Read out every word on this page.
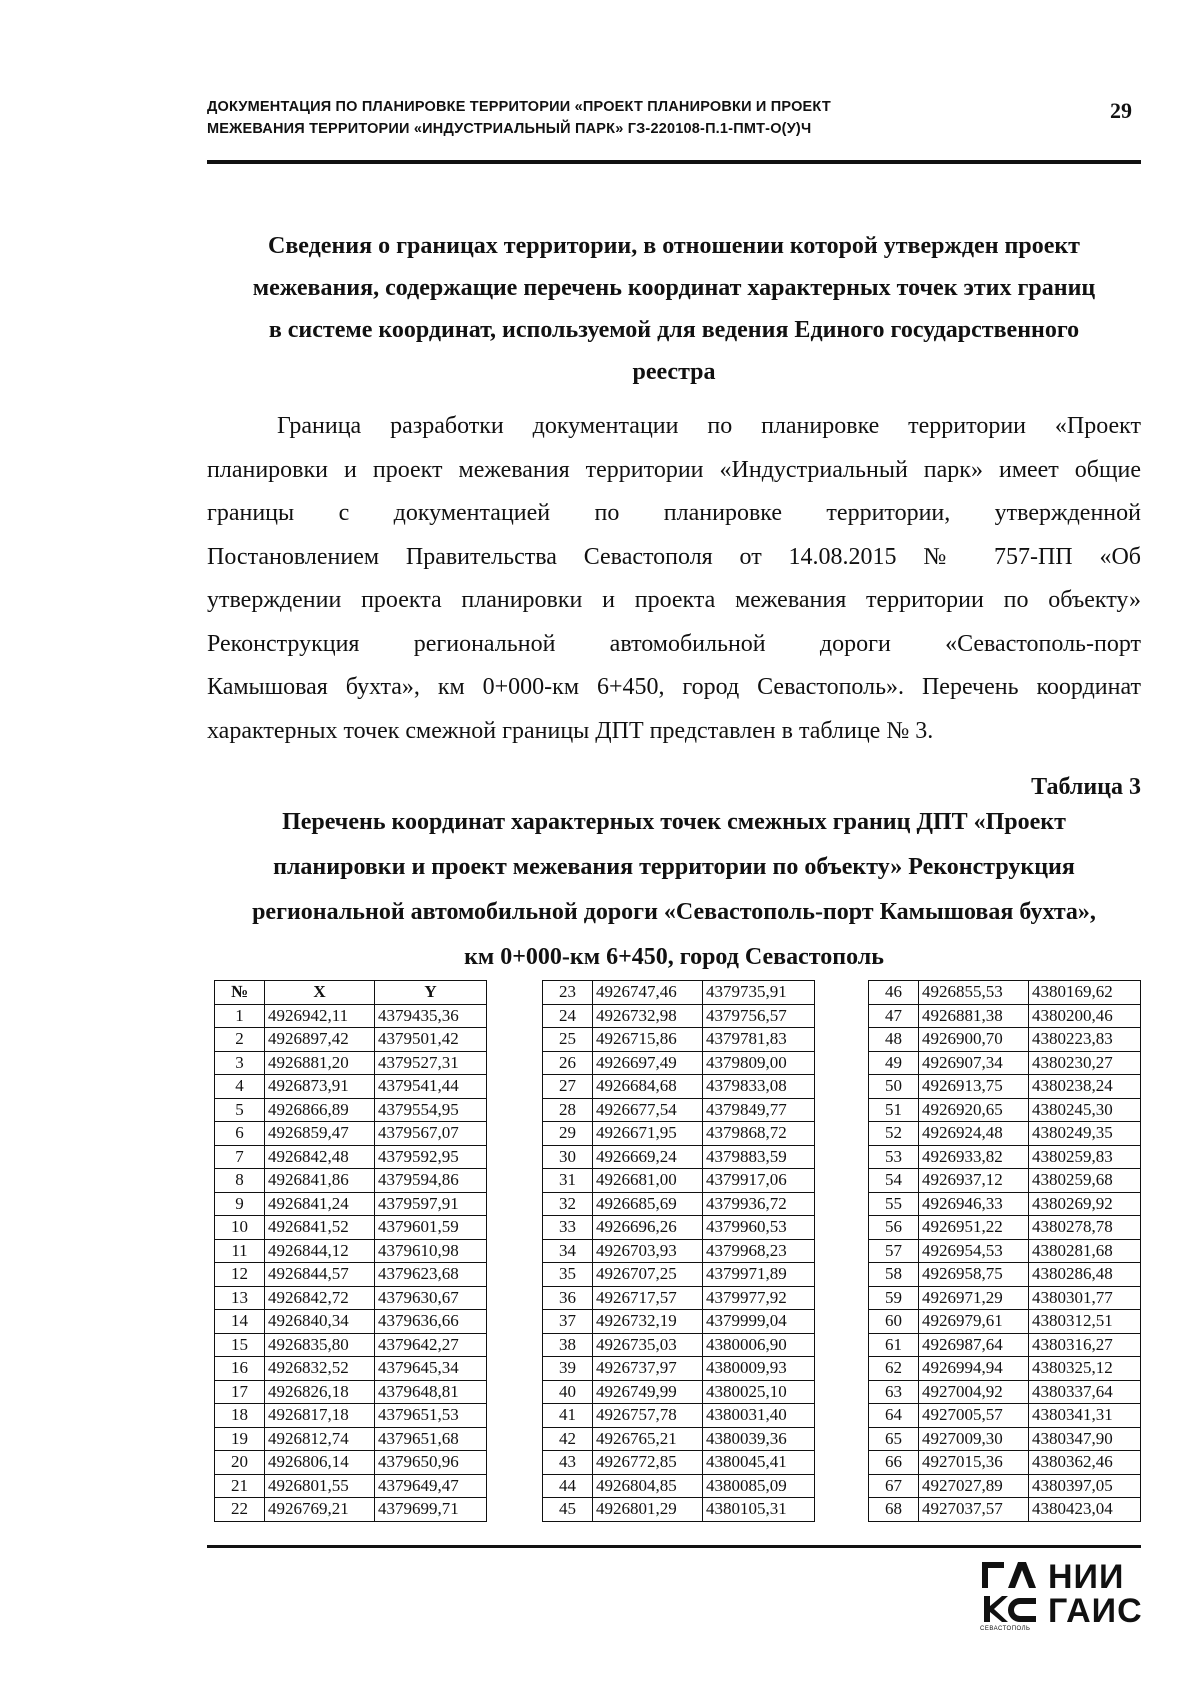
ДОКУМЕНТАЦИЯ ПО ПЛАНИРОВКЕ ТЕРРИТОРИИ «ПРОЕКТ ПЛАНИРОВКИ И ПРОЕКТ
МЕЖЕВАНИЯ ТЕРРИТОРИИ «ИНДУСТРИАЛЬНЫЙ ПАРК» ГЗ-220108-П.1-ПМТ-О(У)Ч
29
Сведения о границах территории, в отношении которой утвержден проект
межевания, содержащие перечень координат характерных точек этих границ
в системе координат, используемой для ведения Единого государственного
реестра
Граница разработки документации по планировке территории «Проект
планировки и проект межевания территории «Индустриальный парк» имеет общие
границы с документацией по планировке территории, утвержденной
Постановлением Правительства Севастополя от 14.08.2015 № 757-ПП «Об
утверждении проекта планировки и проекта межевания территории по объекту»
Реконструкция региональной автомобильной дороги «Севастополь-порт
Камышовая бухта», км 0+000-км 6+450, город Севастополь». Перечень координат
характерных точек смежной границы ДПТ представлен в таблице № 3.
Таблица 3
Перечень координат характерных точек смежных границ ДПТ «Проект
планировки и проект межевания территории по объекту» Реконструкция
региональной автомобильной дороги «Севастополь-порт Камышовая бухта»,
км 0+000-км 6+450, город Севастополь
№	X	Y
1	4926942,11	4379435,36
2	4926897,42	4379501,42
3	4926881,20	4379527,31
4	4926873,91	4379541,44
5	4926866,89	4379554,95
6	4926859,47	4379567,07
7	4926842,48	4379592,95
8	4926841,86	4379594,86
9	4926841,24	4379597,91
10	4926841,52	4379601,59
11	4926844,12	4379610,98
12	4926844,57	4379623,68
13	4926842,72	4379630,67
14	4926840,34	4379636,66
15	4926835,80	4379642,27
16	4926832,52	4379645,34
17	4926826,18	4379648,81
18	4926817,18	4379651,53
19	4926812,74	4379651,68
20	4926806,14	4379650,96
21	4926801,55	4379649,47
22	4926769,21	4379699,71
23	4926747,46	4379735,91
24	4926732,98	4379756,57
25	4926715,86	4379781,83
26	4926697,49	4379809,00
27	4926684,68	4379833,08
28	4926677,54	4379849,77
29	4926671,95	4379868,72
30	4926669,24	4379883,59
31	4926681,00	4379917,06
32	4926685,69	4379936,72
33	4926696,26	4379960,53
34	4926703,93	4379968,23
35	4926707,25	4379971,89
36	4926717,57	4379977,92
37	4926732,19	4379999,04
38	4926735,03	4380006,90
39	4926737,97	4380009,93
40	4926749,99	4380025,10
41	4926757,78	4380031,40
42	4926765,21	4380039,36
43	4926772,85	4380045,41
44	4926804,85	4380085,09
45	4926801,29	4380105,31
46	4926855,53	4380169,62
47	4926881,38	4380200,46
48	4926900,70	4380223,83
49	4926907,34	4380230,27
50	4926913,75	4380238,24
51	4926920,65	4380245,30
52	4926924,48	4380249,35
53	4926933,82	4380259,83
54	4926937,12	4380259,68
55	4926946,33	4380269,92
56	4926951,22	4380278,78
57	4926954,53	4380281,68
58	4926958,75	4380286,48
59	4926971,29	4380301,77
60	4926979,61	4380312,51
61	4926987,64	4380316,27
62	4926994,94	4380325,12
63	4927004,92	4380337,64
64	4927005,57	4380341,31
65	4927009,30	4380347,90
66	4927015,36	4380362,46
67	4927027,89	4380397,05
68	4927037,57	4380423,04
НИИ
ГАИС
СЕВАСТОПОЛЬ
